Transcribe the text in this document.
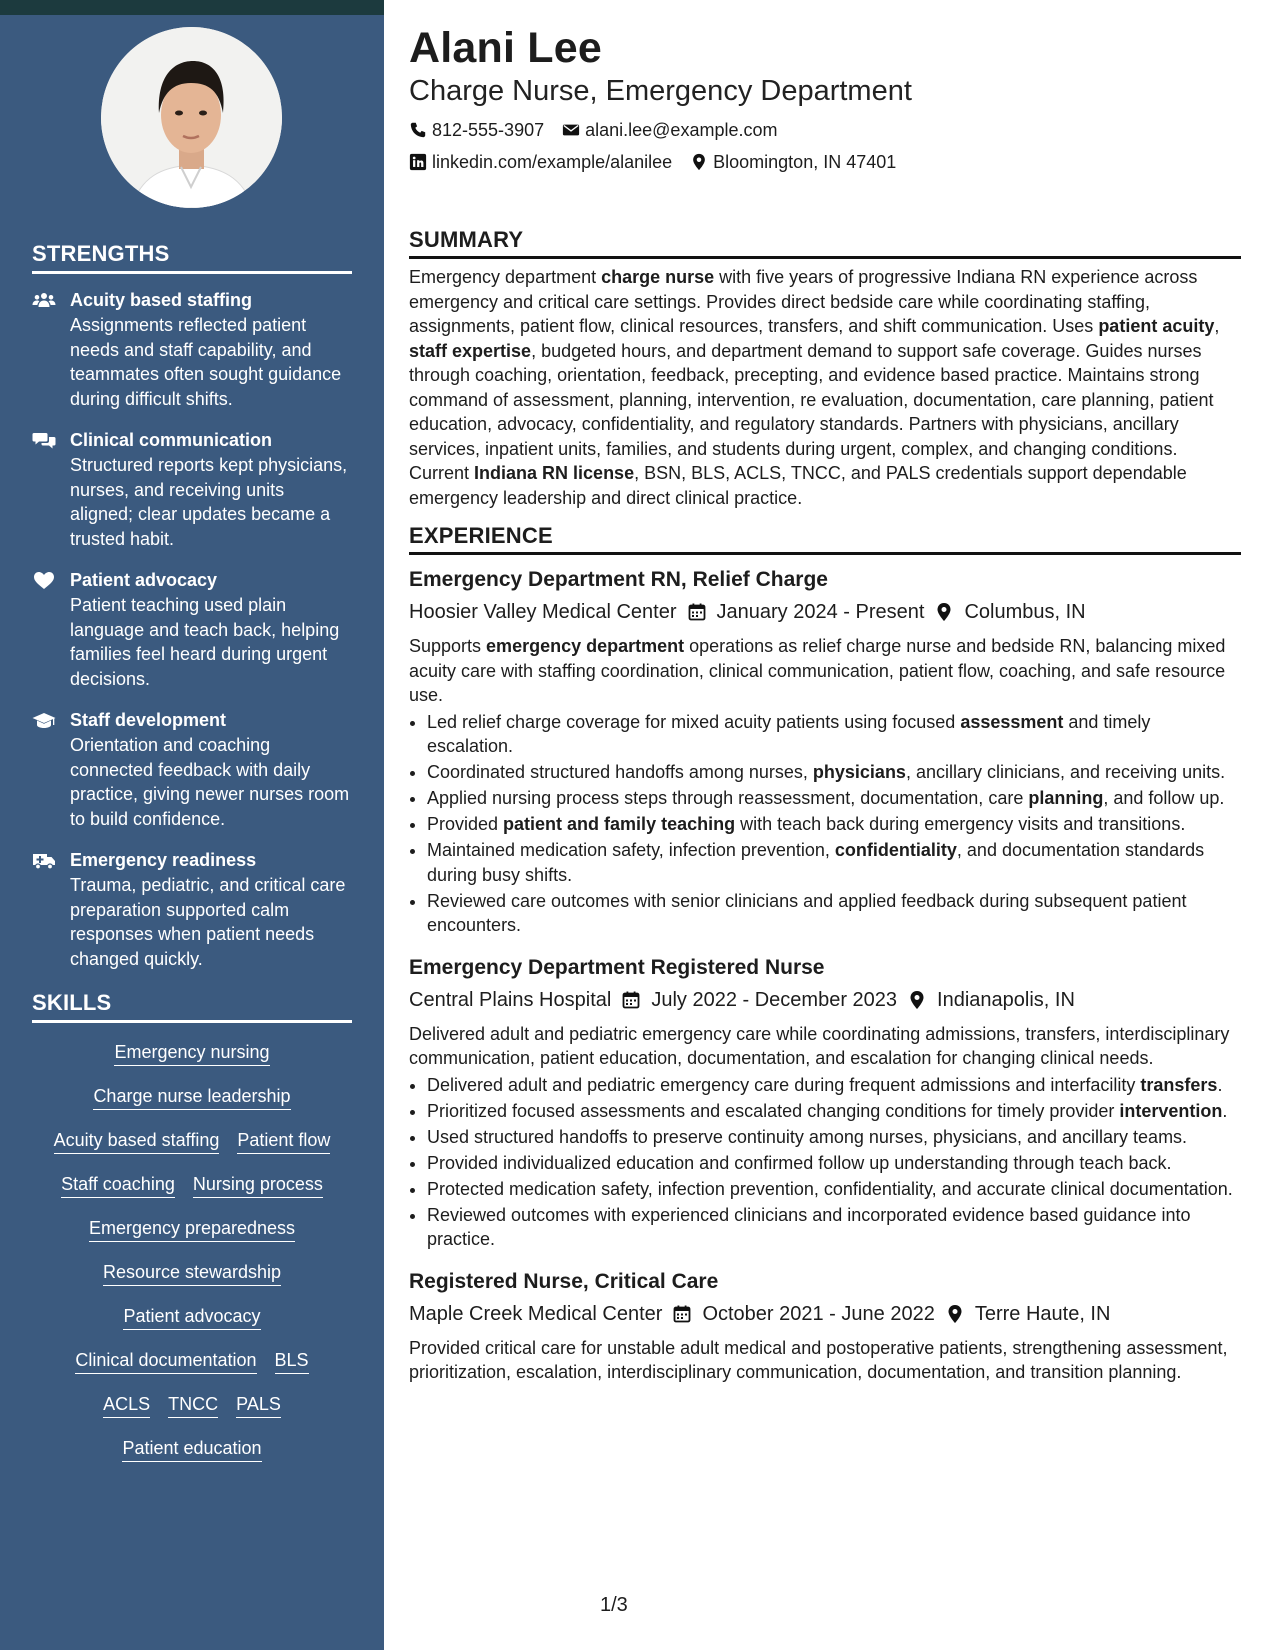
STRENGTHS
Acuity based staffing
Assignments reflected patient needs and staff capability, and teammates often sought guidance during difficult shifts.
Clinical communication
Structured reports kept physicians, nurses, and receiving units aligned; clear updates became a trusted habit.
Patient advocacy
Patient teaching used plain language and teach back, helping families feel heard during urgent decisions.
Staff development
Orientation and coaching connected feedback with daily practice, giving newer nurses room to build confidence.
Emergency readiness
Trauma, pediatric, and critical care preparation supported calm responses when patient needs changed quickly.
SKILLS
Emergency nursing
Charge nurse leadership
Acuity based staffing Patient flow
Staff coaching Nursing process
Emergency preparedness
Resource stewardship
Patient advocacy
Clinical documentation BLS
ACLS TNCC PALS
Patient education
Alani Lee
Charge Nurse, Emergency Department
812-555-3907 alani.lee@example.com
linkedin.com/example/alanilee Bloomington, IN 47401
SUMMARY

Emergency department charge nurse with five years of progressive Indiana RN experience across emergency and critical care settings. Provides direct bedside care while coordinating staffing, assignments, patient flow, clinical resources, transfers, and shift communication. Uses patient acuity, staff expertise, budgeted hours, and department demand to support safe coverage. Guides nurses through coaching, orientation, feedback, precepting, and evidence based practice. Maintains strong command of assessment, planning, intervention, re evaluation, documentation, care planning, patient education, advocacy, confidentiality, and regulatory standards. Partners with physicians, ancillary services, inpatient units, families, and students during urgent, complex, and changing conditions. Current Indiana RN license, BSN, BLS, ACLS, TNCC, and PALS credentials support dependable emergency leadership and direct clinical practice.

EXPERIENCE
Emergency Department RN, Relief Charge
Hoosier Valley Medical Center January 2024 - Present Columbus, IN

Supports emergency department operations as relief charge nurse and bedside RN, balancing mixed acuity care with staffing coordination, clinical communication, patient flow, coaching, and safe resource use.

• Led relief charge coverage for mixed acuity patients using focused assessment and timely escalation.
• Coordinated structured handoffs among nurses, physicians, ancillary clinicians, and receiving units.
• Applied nursing process steps through reassessment, documentation, care planning, and follow up.
• Provided patient and family teaching with teach back during emergency visits and transitions.
• Maintained medication safety, infection prevention, confidentiality, and documentation standards during busy shifts.
• Reviewed care outcomes with senior clinicians and applied feedback during subsequent patient encounters.
Emergency Department Registered Nurse
Central Plains Hospital July 2022 - December 2023 Indianapolis, IN

Delivered adult and pediatric emergency care while coordinating admissions, transfers, interdisciplinary communication, patient education, documentation, and escalation for changing clinical needs.

• Delivered adult and pediatric emergency care during frequent admissions and interfacility transfers.
• Prioritized focused assessments and escalated changing conditions for timely provider intervention.
• Used structured handoffs to preserve continuity among nurses, physicians, and ancillary teams.
• Provided individualized education and confirmed follow up understanding through teach back.
• Protected medication safety, infection prevention, confidentiality, and accurate clinical documentation.
• Reviewed outcomes with experienced clinicians and incorporated evidence based guidance into practice.
Registered Nurse, Critical Care
Maple Creek Medical Center October 2021 - June 2022 Terre Haute, IN

Provided critical care for unstable adult medical and postoperative patients, strengthening assessment, prioritization, escalation, interdisciplinary communication, documentation, and transition planning.

1/3
